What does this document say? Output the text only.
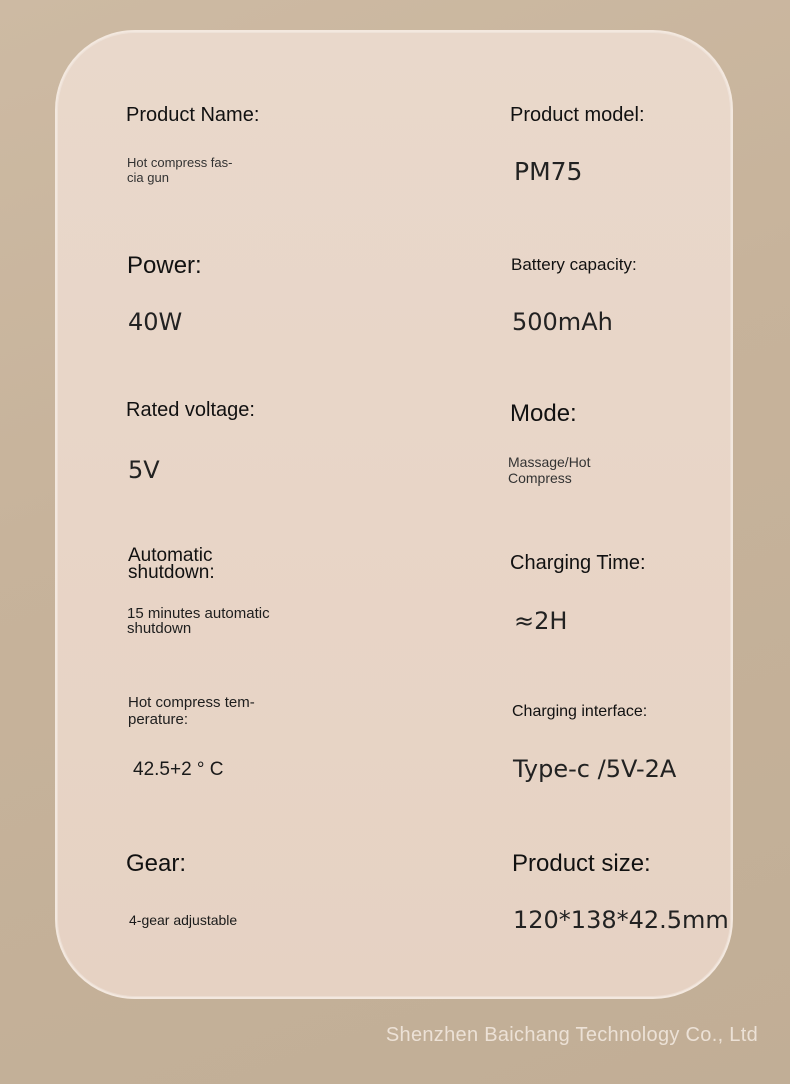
Product Name:
Hot compress fas-
cia gun
Product model:
PM75
Power:
40W
Battery capacity:
500mAh
Rated voltage:
5V
Mode:
Massage/Hot
Compress
Automatic
shutdown:
15 minutes automatic
shutdown
Charging Time:
≈2H
Hot compress tem-
perature:
42.5+2 ° C
Charging interface:
Type-c /5V-2A
Gear:
4-gear adjustable
Product size:
120*138*42.5mm
Shenzhen Baichang Technology Co., Ltd
